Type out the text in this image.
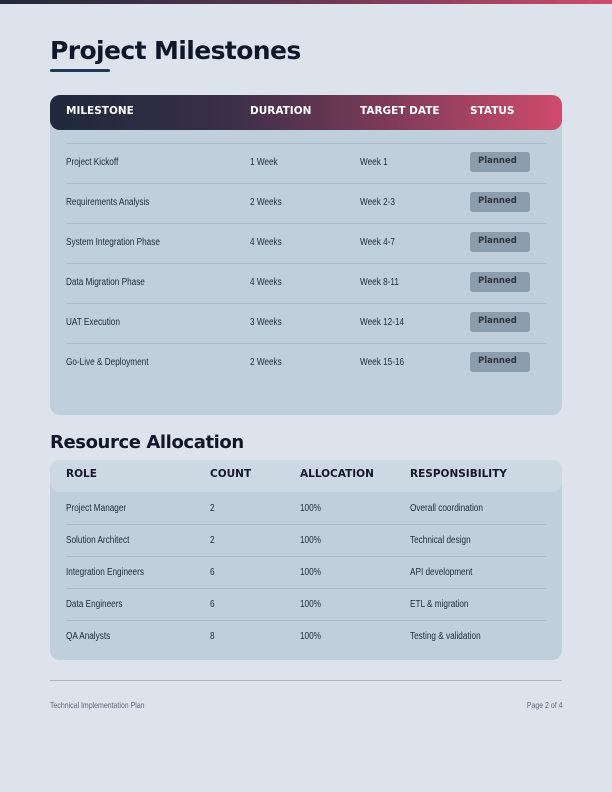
Project Milestones
MILESTONE	DURATION	TARGET DATE	STATUS
Project Kickoff	1 Week	Week 1	Planned
Requirements Analysis	2 Weeks	Week 2-3	Planned
System Integration Phase	4 Weeks	Week 4-7	Planned
Data Migration Phase	4 Weeks	Week 8-11	Planned
UAT Execution	3 Weeks	Week 12-14	Planned
Go-Live & Deployment	2 Weeks	Week 15-16	Planned
Resource Allocation
ROLE	COUNT	ALLOCATION	RESPONSIBILITY
Project Manager	2	100%	Overall coordination
Solution Architect	2	100%	Technical design
Integration Engineers	6	100%	API development
Data Engineers	6	100%	ETL & migration
QA Analysts	8	100%	Testing & validation
Technical Implementation Plan	Page 2 of 4
